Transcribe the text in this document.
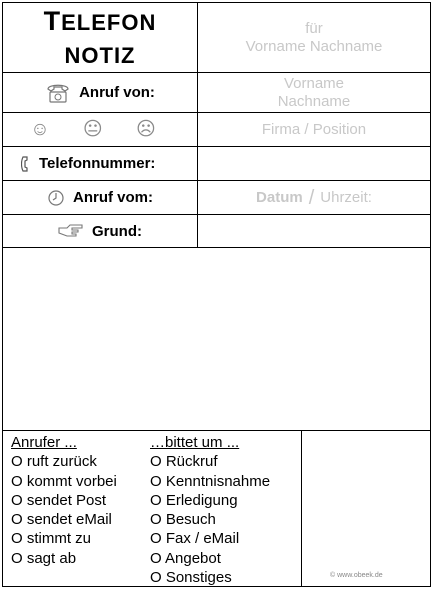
TELEFON
NOTIZ
für
Vorname Nachname
Anruf von:
Vorname
Nachname
☺ 😐 ☹	Firma / Position
Telefonnummer:
Anruf vom:	Datum / Uhrzeit:
Grund:
Anrufer ...
O ruft zurück
O kommt vorbei
O sendet Post
O sendet eMail
O stimmt zu
O sagt ab
…bittet um ...
O Rückruf
O Kenntnisnahme
O Erledigung
O Besuch
O Fax / eMail
O Angebot
O Sonstiges	© www.obeek.de
